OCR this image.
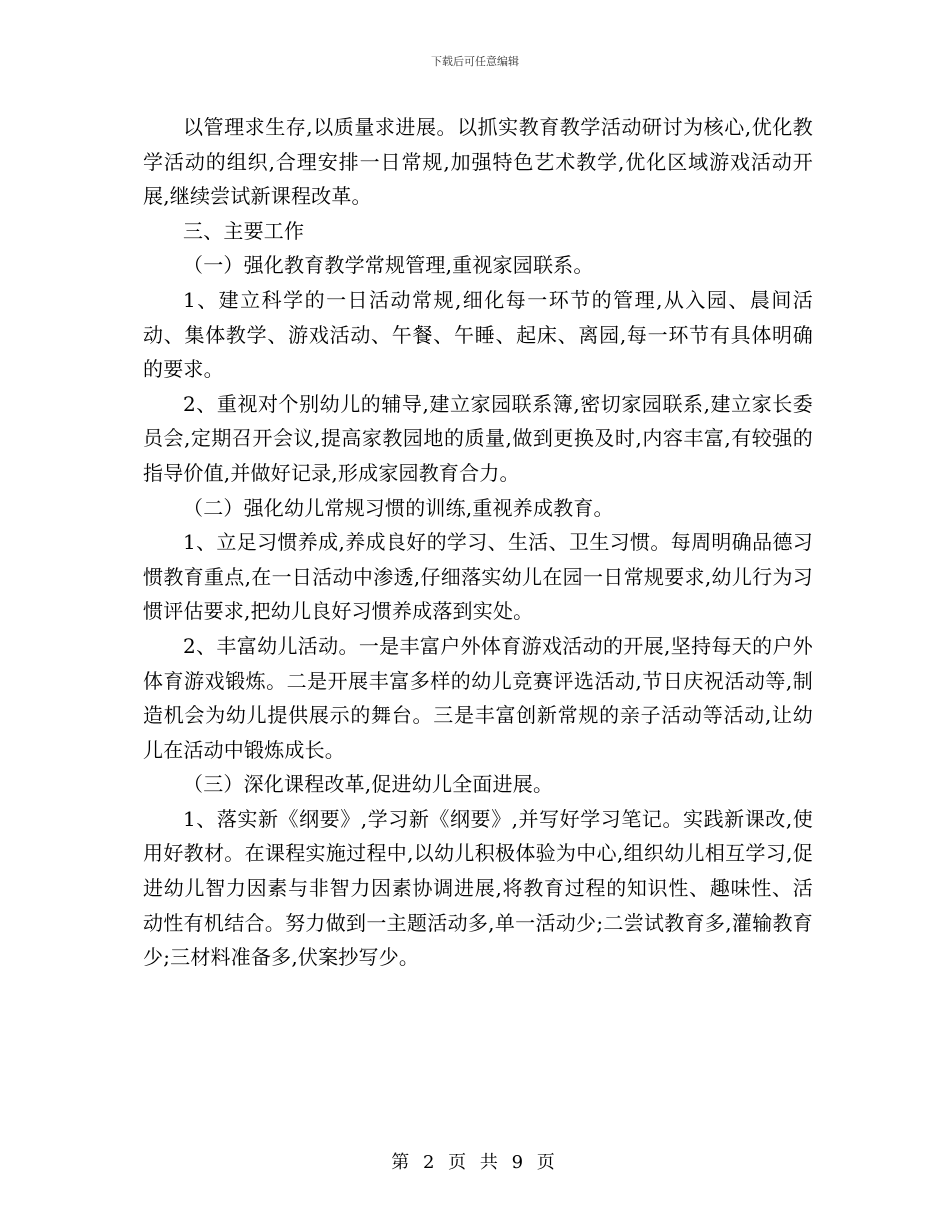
下载后可任意编辑

以管理求生存,以质量求进展。以抓实教育教学活动研讨为核心,优化教学活动的组织,合理安排一日常规,加强特色艺术教学,优化区域游戏活动开展,继续尝试新课程改革。

三、主要工作

（一）强化教育教学常规管理,重视家园联系。

1、建立科学的一日活动常规,细化每一环节的管理,从入园、晨间活动、集体教学、游戏活动、午餐、午睡、起床、离园,每一环节有具体明确的要求。

2、重视对个别幼儿的辅导,建立家园联系簿,密切家园联系,建立家长委员会,定期召开会议,提高家教园地的质量,做到更换及时,内容丰富,有较强的指导价值,并做好记录,形成家园教育合力。

（二）强化幼儿常规习惯的训练,重视养成教育。

1、立足习惯养成,养成良好的学习、生活、卫生习惯。每周明确品德习惯教育重点,在一日活动中渗透,仔细落实幼儿在园一日常规要求,幼儿行为习惯评估要求,把幼儿良好习惯养成落到实处。

2、丰富幼儿活动。一是丰富户外体育游戏活动的开展,坚持每天的户外体育游戏锻炼。二是开展丰富多样的幼儿竞赛评选活动,节日庆祝活动等,制造机会为幼儿提供展示的舞台。三是丰富创新常规的亲子活动等活动,让幼儿在活动中锻炼成长。

（三）深化课程改革,促进幼儿全面进展。

1、落实新《纲要》,学习新《纲要》,并写好学习笔记。实践新课改,使用好教材。在课程实施过程中,以幼儿积极体验为中心,组织幼儿相互学习,促进幼儿智力因素与非智力因素协调进展,将教育过程的知识性、趣味性、活动性有机结合。努力做到一主题活动多,单一活动少;二尝试教育多,灌输教育少;三材料准备多,伏案抄写少。

第 2 页 共 9 页
